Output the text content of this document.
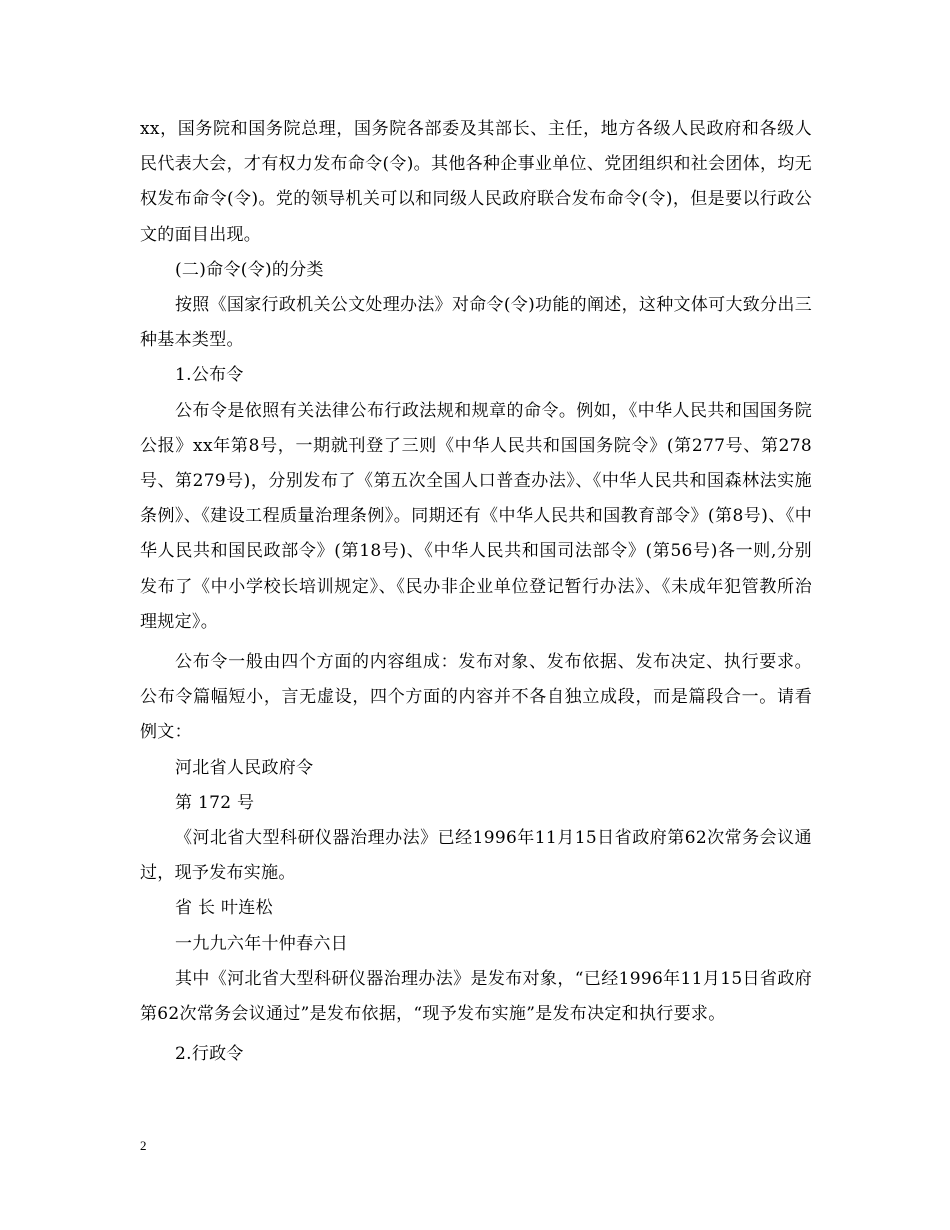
xx，国务院和国务院总理，国务院各部委及其部长、主任，地方各级人民政府和各级人民代表大会，才有权力发布命令(令)。其他各种企事业单位、党团组织和社会团体，均无权发布命令(令)。党的领导机关可以和同级人民政府联合发布命令(令)，但是要以行政公文的面目出现。

(二)命令(令)的分类

按照《国家行政机关公文处理办法》对命令(令)功能的阐述，这种文体可大致分出三种基本类型。

1.公布令

公布令是依照有关法律公布行政法规和规章的命令。例如，《中华人民共和国国务院公报》xx年第8号，一期就刊登了三则《中华人民共和国国务院令》(第277号、第278号、第279号)，分别发布了《第五次全国人口普查办法》、《中华人民共和国森林法实施条例》、《建设工程质量治理条例》。同期还有《中华人民共和国教育部令》(第8号)、《中华人民共和国民政部令》(第18号)、《中华人民共和国司法部令》(第56号)各一则,分别发布了《中小学校长培训规定》、《民办非企业单位登记暂行办法》、《未成年犯管教所治理规定》。

公布令一般由四个方面的内容组成：发布对象、发布依据、发布决定、执行要求。公布令篇幅短小，言无虚设，四个方面的内容并不各自独立成段，而是篇段合一。请看例文：

河北省人民政府令

第 172 号

《河北省大型科研仪器治理办法》已经1996年11月15日省政府第62次常务会议通过，现予发布实施。

省 长 叶连松

一九九六年十仲春六日

其中《河北省大型科研仪器治理办法》是发布对象，“已经1996年11月15日省政府第62次常务会议通过”是发布依据，“现予发布实施”是发布决定和执行要求。

2.行政令

2
